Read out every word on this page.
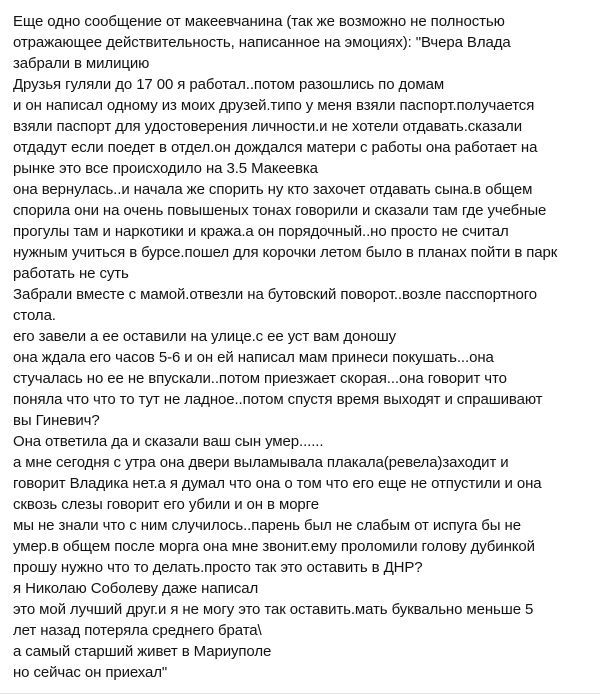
Еще одно сообщение от макеевчанина (так же возможно не полностью
отражающее действительность, написанное на эмоциях): "Вчера Влада
забрали в милицию
Друзья гуляли до 17 00 я работал..потом разошлись по домам
и он написал одному из моих друзей.типо у меня взяли паспорт.получается
взяли паспорт для удостоверения личности.и не хотели отдавать.сказали
отдадут если поедет в отдел.он дождался матери с работы она работает на
рынке это все происходило на 3.5 Макеевка
она вернулась..и начала же спорить ну кто захочет отдавать сына.в общем
спорила они на очень повышеных тонах говорили и сказали там где учебные
прогулы там и наркотики и кража.а он порядочный..но просто не считал
нужным учиться в бурсе.пошел для корочки летом было в планах пойти в парк
работать не суть
Забрали вместе с мамой.отвезли на бутовский поворот..возле пасспортного
стола.
его завели а ее оставили на улице.с ее уст вам доношу
она ждала его часов 5-6 и он ей написал мам принеси покушать...она
стучалась но ее не впускали..потом приезжает скорая...она говорит что
поняла что что то тут не ладное..потом спустя время выходят и спрашивают
вы Гиневич?
Она ответила да и сказали ваш сын умер......
а мне сегодня с утра она двери выламывала плакала(ревела)заходит и
говорит Владика нет.а я думал что она о том что его еще не отпустили и она
сквозь слезы говорит его убили и он в морге
мы не знали что с ним случилось..парень был не слабым от испуга бы не
умер.в общем после морга она мне звонит.ему проломили голову дубинкой
прошу нужно что то делать.просто так это оставить в ДНР?
я Николаю Соболеву даже написал
это мой лучший друг.и я не могу это так оставить.мать буквально меньше 5
лет назад потеряла среднего брата\
а самый старший живет в Мариуполе
но сейчас он приехал"
